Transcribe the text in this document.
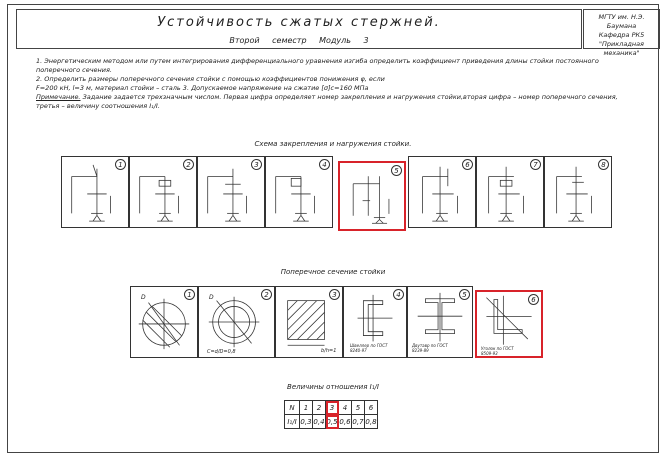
Устойчивость сжатых стержней.
Второй семестр Модуль 3
МГТУ им. Н.Э. Баумана
Кафедра РК5
"Прикладная механика"

1. Энергетическим методом или путем интегрирования дифференциального уравнения изгиба определить коэффициент приведения длины стойки постоянного поперечного сечения.

2. Определить размеры поперечного сечения стойки с помощью коэффициентов понижения φ, если

F=200 кН, l=3 м, материал стойки – сталь 3. Допускаемое напряжение на сжатие [σ]c=160 МПа

Примечание. Задание задается трехзначным числом. Первая цифра определяет номер закрепления и нагружения стойки,вторая цифра – номер поперечного сечения, третья – величину соотношения I₁/I.

Схема закрепления и нагружения стойки.
1	2	3	4
5
6	7	8
Поперечное сечение стойки
D	1	D
С=d/D=0,8
2
b/h=1
3
Швеллер по ГОСТ 8240-97
4
Двутавр по ГОСТ 8239-89
5
Уголок по ГОСТ 8509-93
6
Величины отношения I₁/I
N	1	2	3	4	5	6
I₁/I	0,3	0,4	0,5	0,6	0,7	0,8
